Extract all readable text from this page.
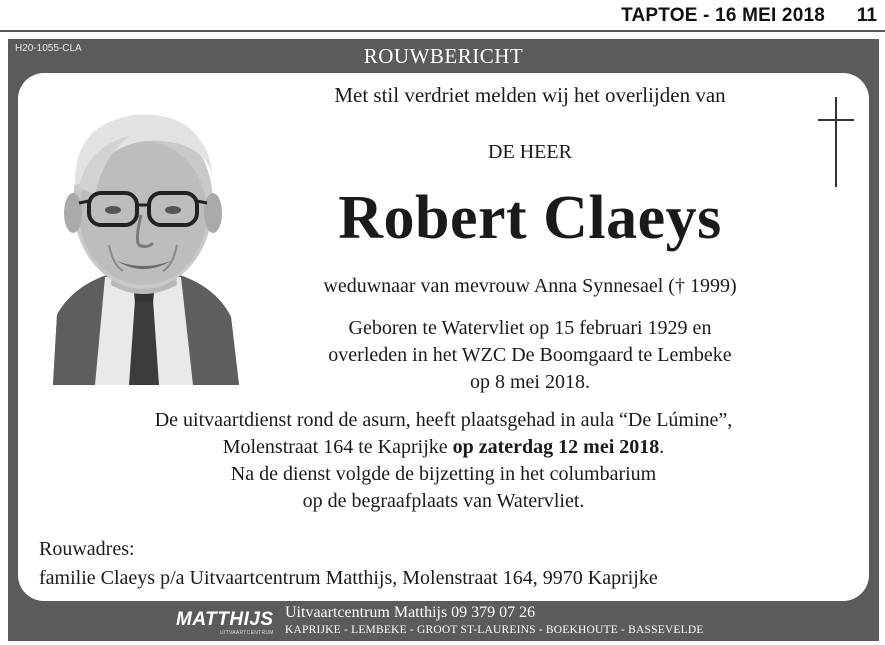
TAPTOE - 16 MEI 2018 11
H20-1055-CLA	ROUWBERICHT
Met stil verdriet melden wij het overlijden van
DE HEER
Robert Claeys
weduwnaar van mevrouw Anna Synnesael († 1999)
Geboren te Watervliet op 15 februari 1929 en
overleden in het WZC De Boomgaard te Lembeke
op 8 mei 2018.
De uitvaartdienst rond de asurn, heeft plaatsgehad in aula “De Lúmine”,
Molenstraat 164 te Kaprijke op zaterdag 12 mei 2018.
Na de dienst volgde de bijzetting in het columbarium
op de begraafplaats van Watervliet.
Rouwadres:
familie Claeys p/a Uitvaartcentrum Matthijs, Molenstraat 164, 9970 Kaprijke
MATTHIJS
UITVAARTCENTRUM
Uitvaartcentrum Matthijs 09 379 07 26
KAPRIJKE - LEMBEKE - GROOT ST-LAUREINS - BOEKHOUTE - BASSEVELDE
